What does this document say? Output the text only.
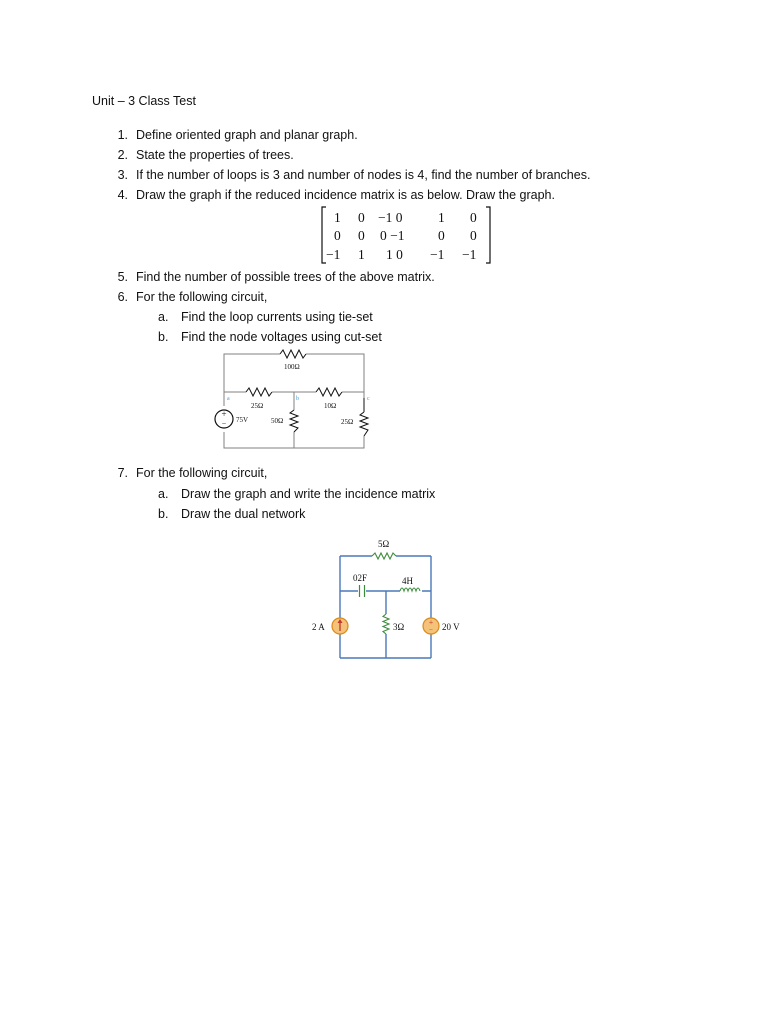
Unit – 3 Class Test
1. Define oriented graph and planar graph.
2. State the properties of trees.
3. If the number of loops is 3 and number of nodes is 4, find the number of branches.
4. Draw the graph if the reduced incidence matrix is as below. Draw the graph.
1 0 −1 0	1 0
0 0 0 −1 0 0
−1 1 1 0 −1 −1
5. Find the number of possible trees of the above matrix.
6. For the following circuit,
a. Find the loop currents using tie-set
b. Find the node voltages using cut-set
+
−
a	b	c
100Ω
25Ω	10Ω
50Ω	25Ω
75V
7. For the following circuit,
a. Draw the graph and write the incidence matrix
b. Draw the dual network
+
−
5Ω
02F	4H
3Ω
2 A	20 V
